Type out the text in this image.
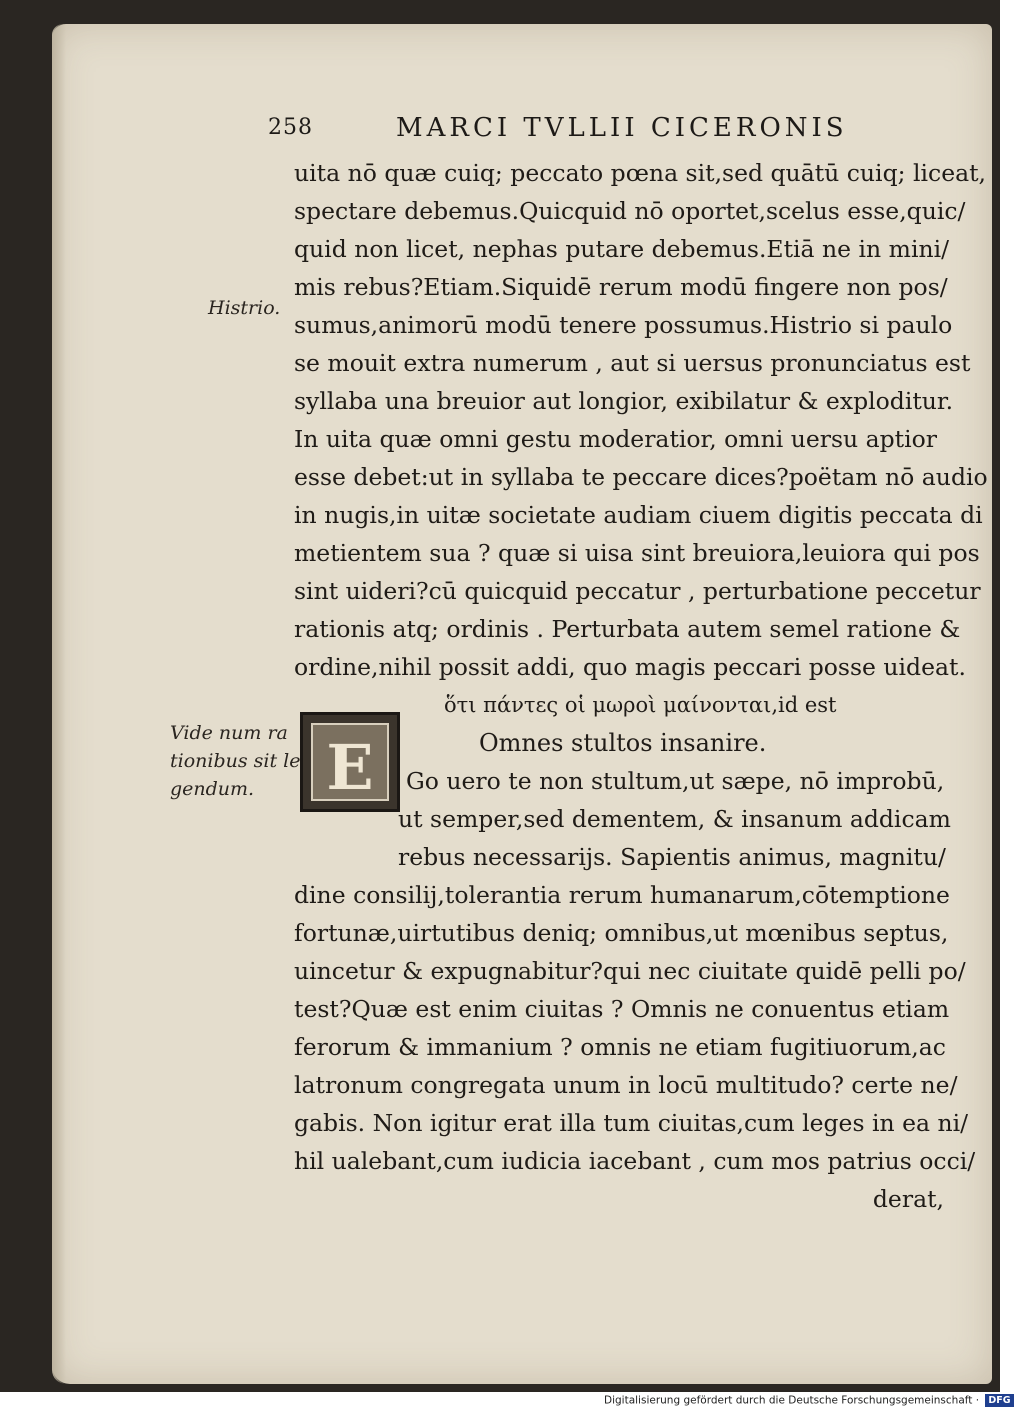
258	MARCI TVLLII CICERONIS
Histrio.
Vide num ra
tionibus sit le
gendum.	E
uita nō quæ cuiq; peccato pœna sit,sed quātū cuiq; liceat,
spectare debemus.Quicquid nō oportet,scelus esse,quic/
quid non licet, nephas putare debemus.Etiā ne in mini/
mis rebus?Etiam.Siquidē rerum modū fingere non pos/
sumus,animorū modū tenere possumus.Histrio si paulo
se mouit extra numerum , aut si uersus pronunciatus est
syllaba una breuior aut longior, exibilatur & exploditur.
In uita quæ omni gestu moderatior, omni uersu aptior
esse debet:ut in syllaba te peccare dices?poëtam nō audio
in nugis,in uitæ societate audiam ciuem digitis peccata di
metientem sua ? quæ si uisa sint breuiora,leuiora qui pos
sint uideri?cū quicquid peccatur , perturbatione peccetur
rationis atq; ordinis . Perturbata autem semel ratione &
ordine,nihil possit addi, quo magis peccari posse uideat.
ὅτι πάντες οἱ μωροὶ μαίνονται,id est
Omnes stultos insanire.
Go uero te non stultum,ut sæpe, nō improbū,
ut semper,sed dementem, & insanum addicam
rebus necessarijs. Sapientis animus, magnitu/
dine consilij,tolerantia rerum humanarum,cōtemptione
fortunæ,uirtutibus deniq; omnibus,ut mœnibus septus,
uincetur & expugnabitur?qui nec ciuitate quidē pelli po/
test?Quæ est enim ciuitas ? Omnis ne conuentus etiam
ferorum & immanium ? omnis ne etiam fugitiuorum,ac
latronum congregata unum in locū multitudo? certe ne/
gabis. Non igitur erat illa tum ciuitas,cum leges in ea ni/
hil ualebant,cum iudicia iacebant , cum mos patrius occi/
derat,
Digitalisierung gefördert durch die Deutsche Forschungsgemeinschaft · DFG
